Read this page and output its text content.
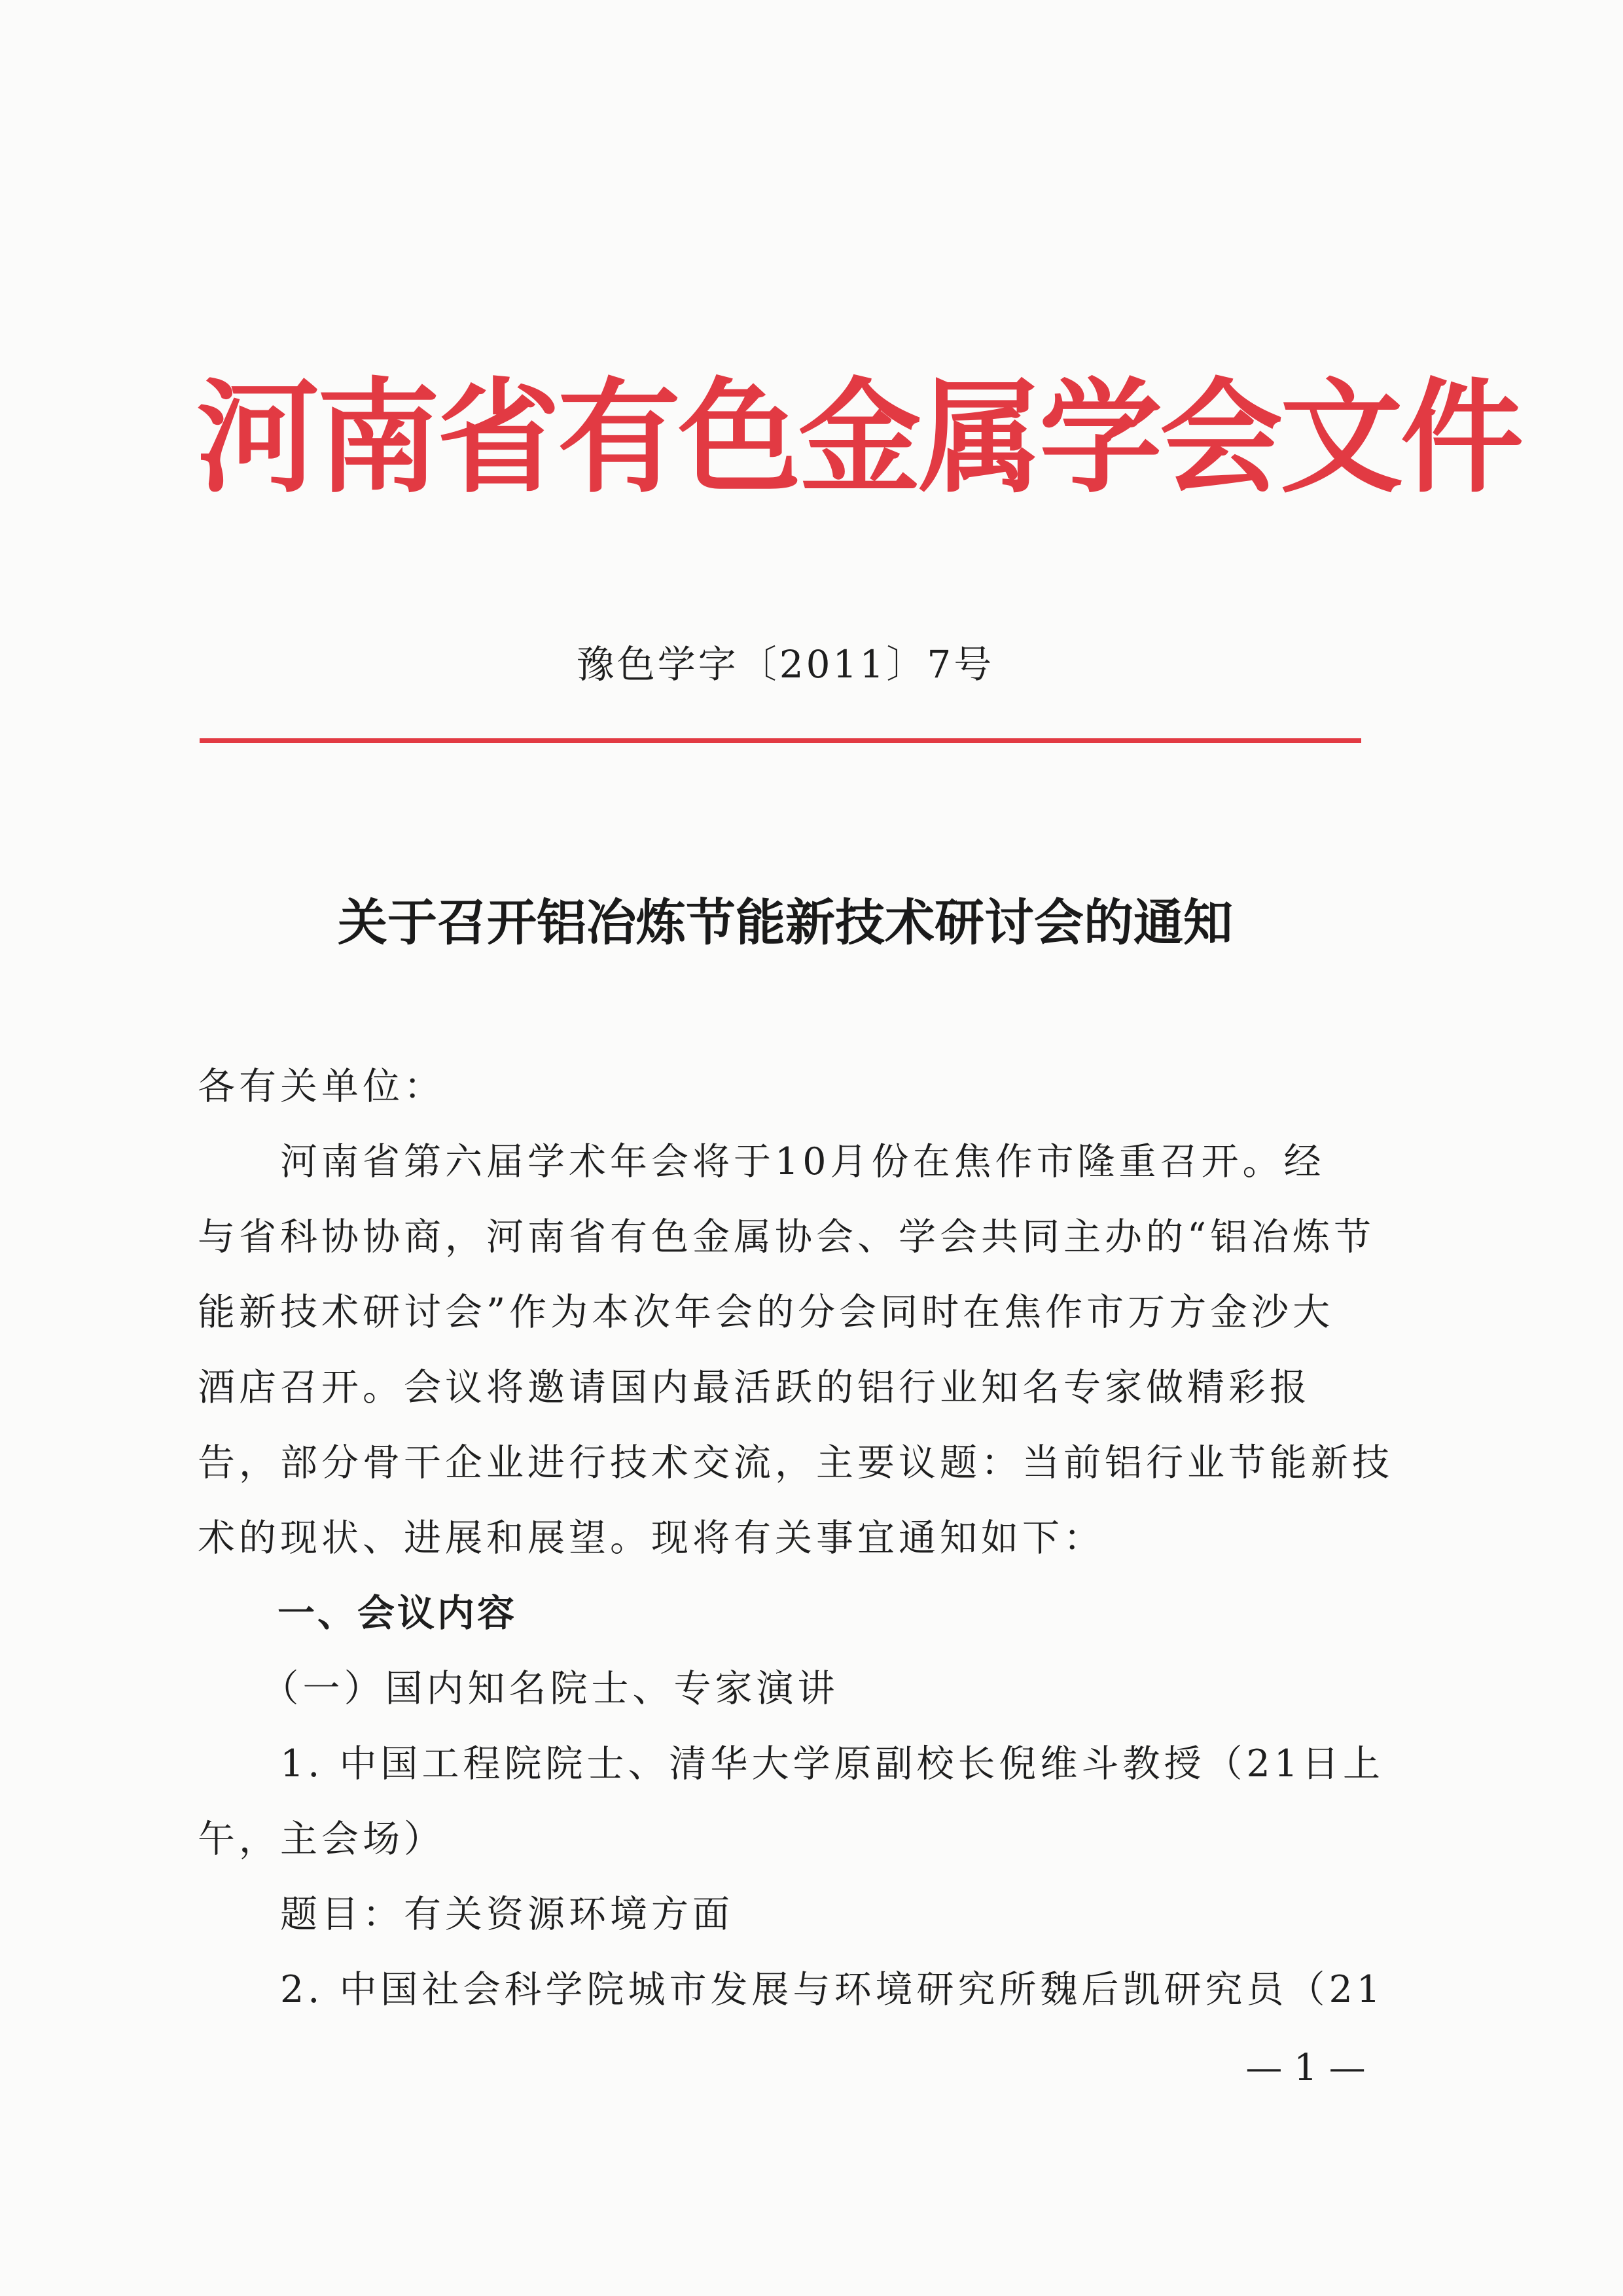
河南省有色金属学会文件
豫色学字〔2011〕7号
关于召开铝冶炼节能新技术研讨会的通知
各有关单位：
　　河南省第六届学术年会将于10月份在焦作市隆重召开。经
与省科协协商，河南省有色金属协会、学会共同主办的“铝冶炼节
能新技术研讨会”作为本次年会的分会同时在焦作市万方金沙大
酒店召开。会议将邀请国内最活跃的铝行业知名专家做精彩报
告，部分骨干企业进行技术交流，主要议题：当前铝行业节能新技
术的现状、进展和展望。现将有关事宜通知如下：
　　一、会议内容
　　（一）国内知名院士、专家演讲
　　1. 中国工程院院士、清华大学原副校长倪维斗教授（21日上
午，主会场）
　　题目：有关资源环境方面
　　2. 中国社会科学院城市发展与环境研究所魏后凯研究员（21
— 1 —
